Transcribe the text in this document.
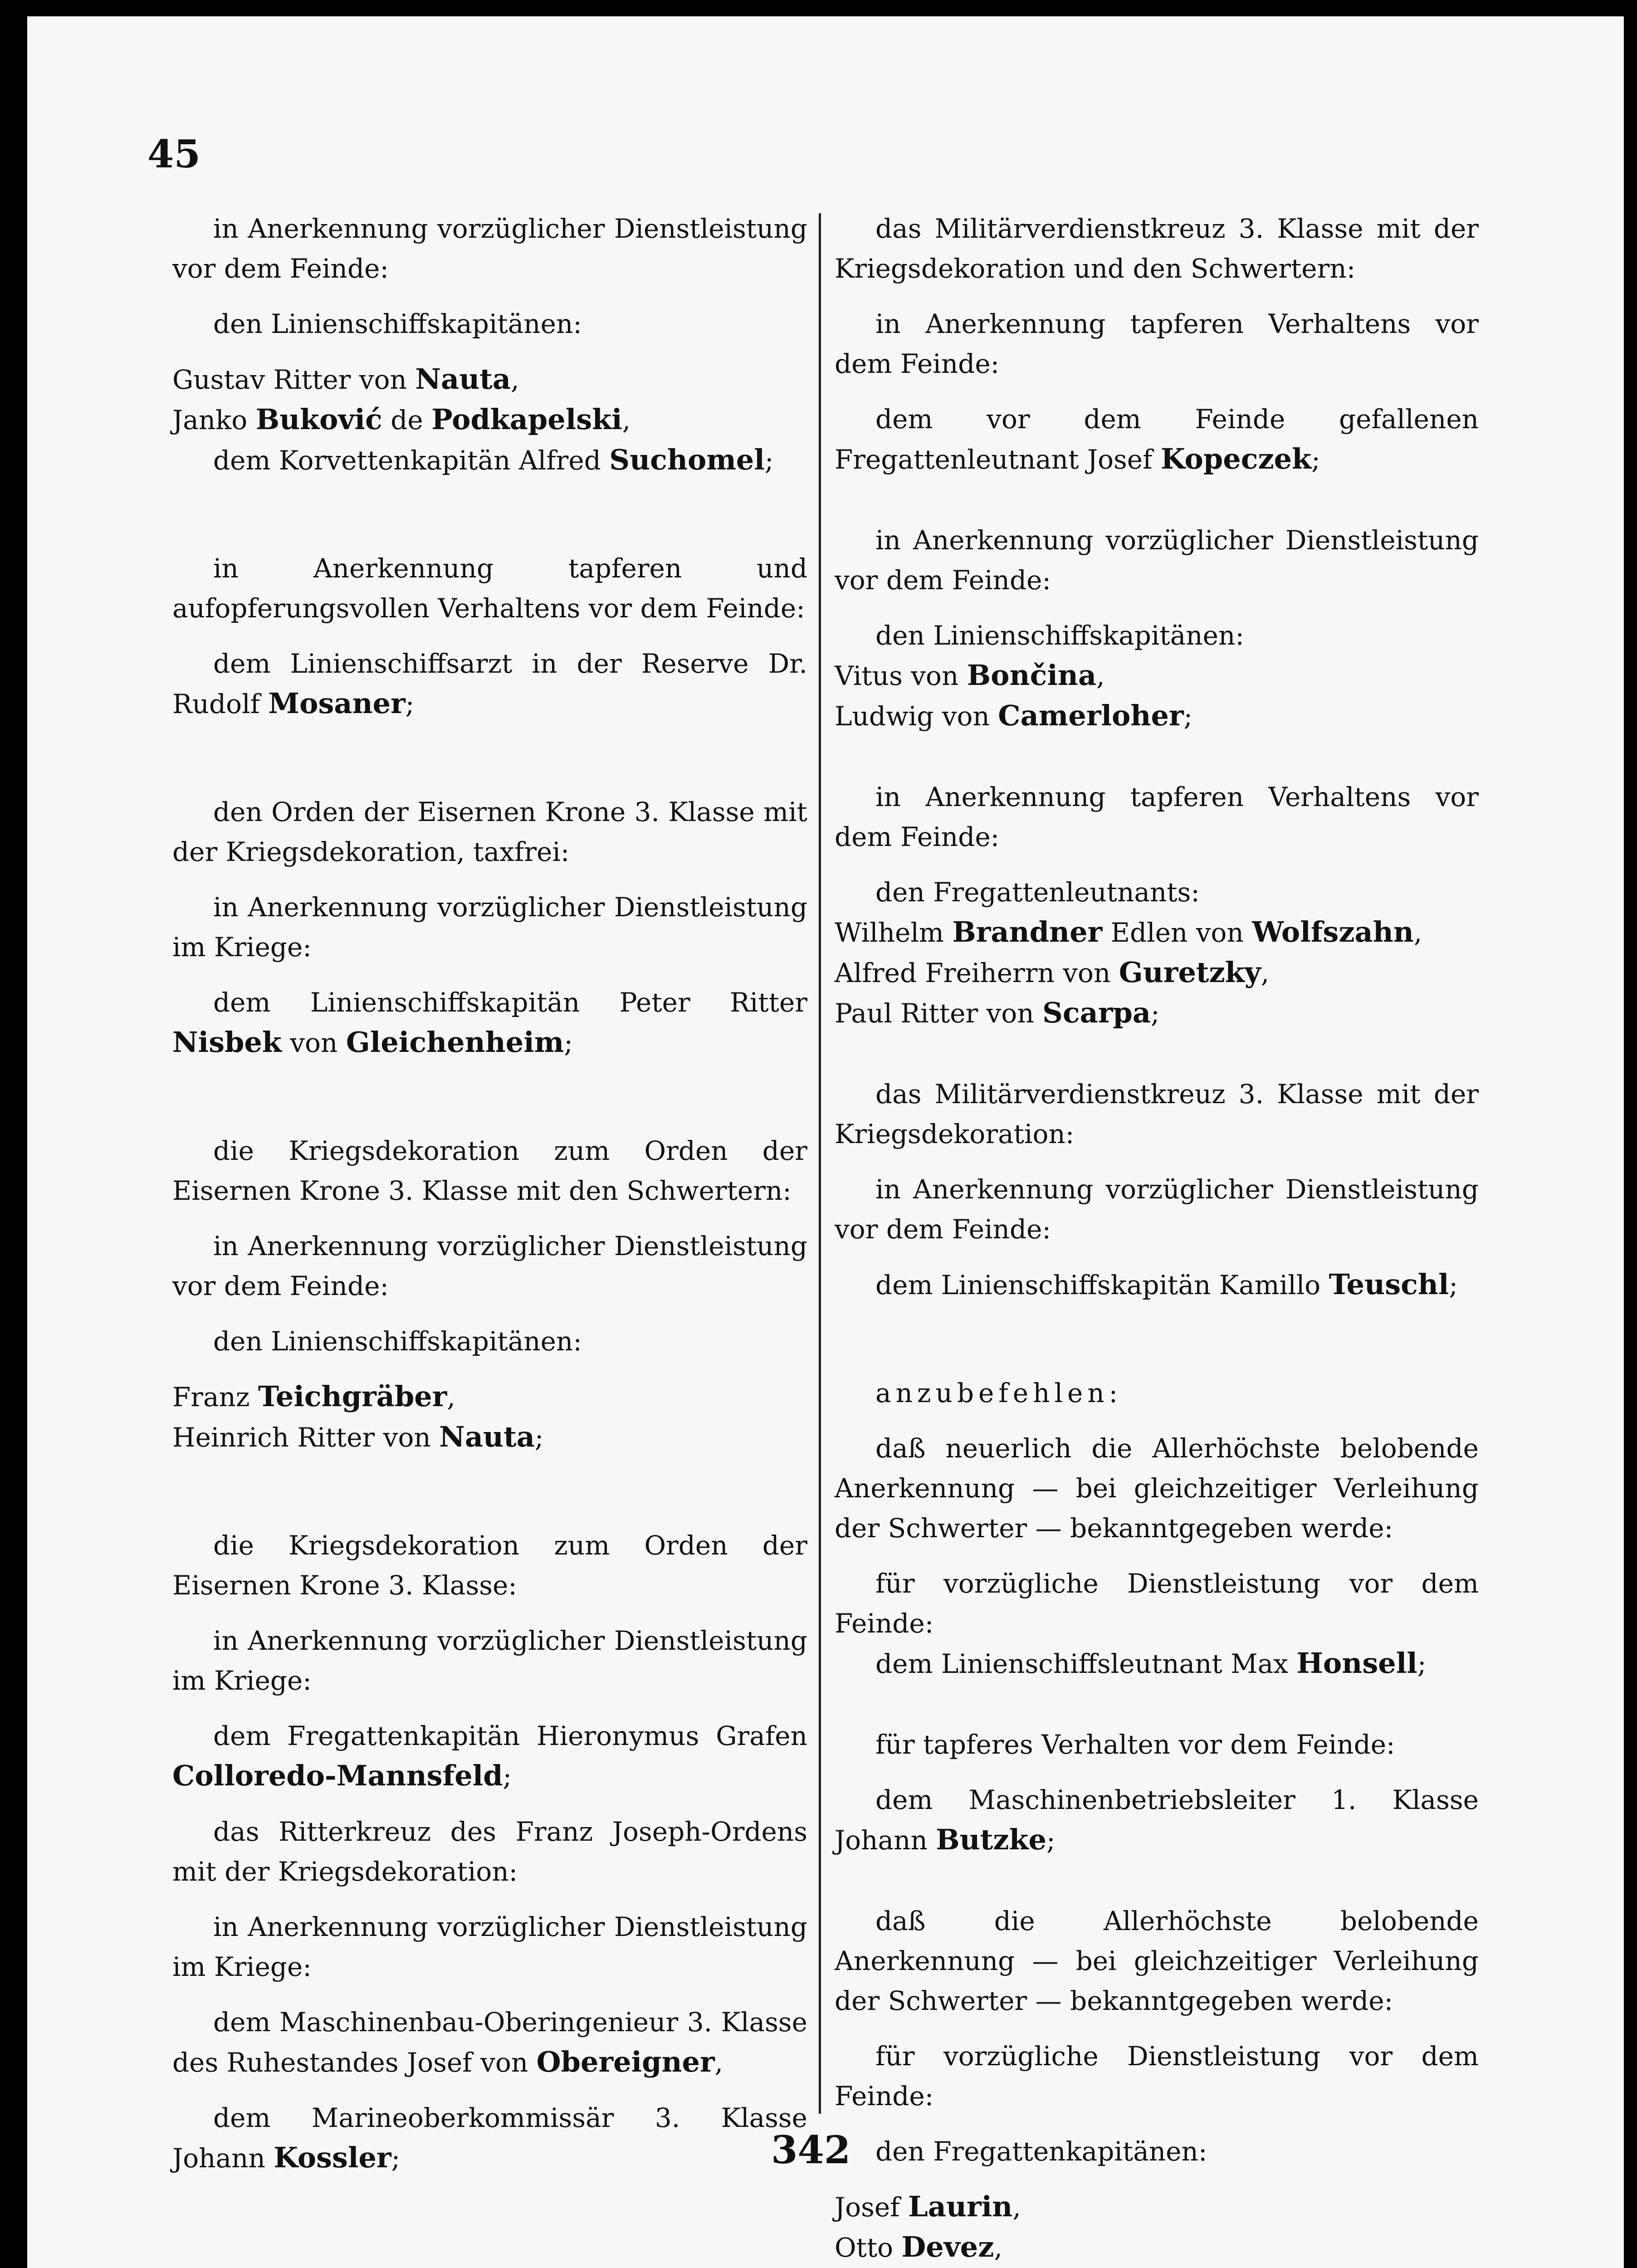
45

in Anerkennung vorzüglicher Dienstleistung vor dem Feinde:

den Linienschiffskapitänen:

Gustav Ritter von Nauta,

Janko Buković de Podkapelski,

dem Korvettenkapitän Alfred Suchomel;

in Anerkennung tapferen und aufopferungsvollen Verhaltens vor dem Feinde:

dem Linienschiffsarzt in der Reserve Dr. Rudolf Mosaner;

den Orden der Eisernen Krone 3. Klasse mit der Kriegsdekoration, taxfrei:

in Anerkennung vorzüglicher Dienstleistung im Kriege:

dem Linienschiffskapitän Peter Ritter Nisbek von Gleichenheim;

die Kriegsdekoration zum Orden der Eisernen Krone 3. Klasse mit den Schwertern:

in Anerkennung vorzüglicher Dienstleistung vor dem Feinde:

den Linienschiffskapitänen:

Franz Teichgräber,

Heinrich Ritter von Nauta;

die Kriegsdekoration zum Orden der Eisernen Krone 3. Klasse:

in Anerkennung vorzüglicher Dienstleistung im Kriege:

dem Fregattenkapitän Hieronymus Grafen Colloredo-Mannsfeld;

das Ritterkreuz des Franz Joseph-Ordens mit der Kriegsdekoration:

in Anerkennung vorzüglicher Dienstleistung im Kriege:

dem Maschinenbau-Oberingenieur 3. Klasse des Ruhestandes Josef von Obereigner,

dem Marineoberkommissär 3. Klasse Johann Kossler;

das Militärverdienstkreuz 3. Klasse mit der Kriegsdekoration und den Schwertern:

in Anerkennung tapferen Verhaltens vor dem Feinde:

dem vor dem Feinde gefallenen Fregattenleutnant Josef Kopeczek;

in Anerkennung vorzüglicher Dienstleistung vor dem Feinde:

den Linienschiffskapitänen:

Vitus von Bončina,

Ludwig von Camerloher;

in Anerkennung tapferen Verhaltens vor dem Feinde:

den Fregattenleutnants:

Wilhelm Brandner Edlen von Wolfszahn,

Alfred Freiherrn von Guretzky,

Paul Ritter von Scarpa;

das Militärverdienstkreuz 3. Klasse mit der Kriegsdekoration:

in Anerkennung vorzüglicher Dienstleistung vor dem Feinde:

dem Linienschiffskapitän Kamillo Teuschl;

anzubefehlen:

daß neuerlich die Allerhöchste belobende Anerkennung — bei gleichzeitiger Verleihung der Schwerter — bekanntgegeben werde:

für vorzügliche Dienstleistung vor dem Feinde:

dem Linienschiffsleutnant Max Honsell;

für tapferes Verhalten vor dem Feinde:

dem Maschinenbetriebsleiter 1. Klasse Johann Butzke;

daß die Allerhöchste belobende Anerkennung — bei gleichzeitiger Verleihung der Schwerter — bekanntgegeben werde:

für vorzügliche Dienstleistung vor dem Feinde:

den Fregattenkapitänen:

Josef Laurin,

Otto Devez,

342
